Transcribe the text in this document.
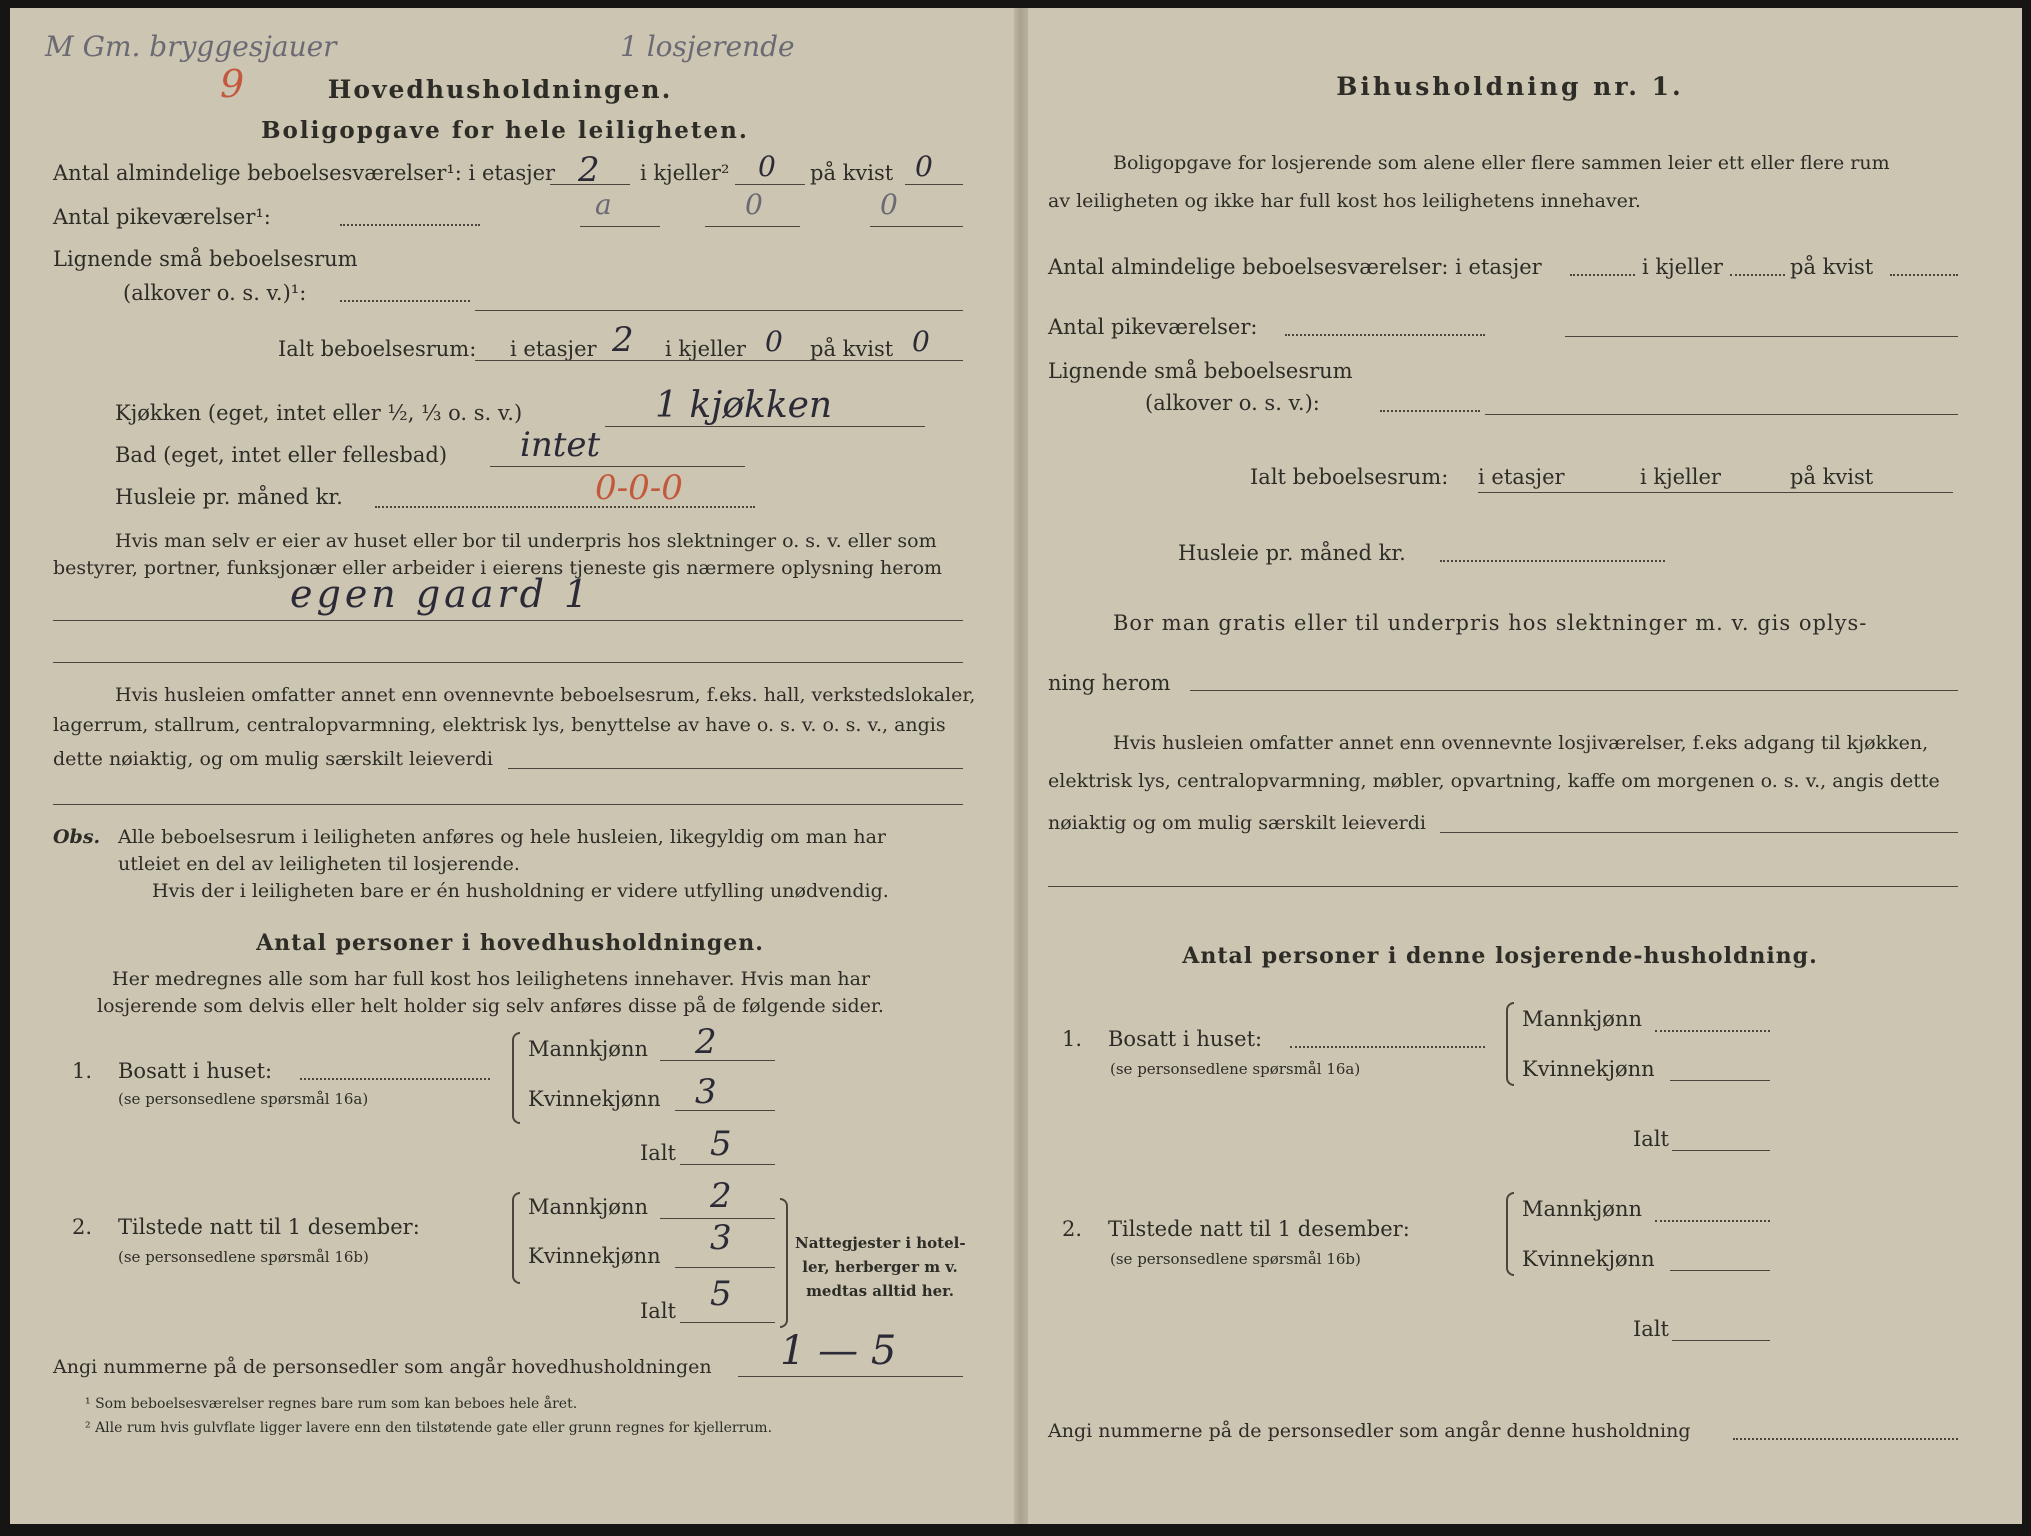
M Gm. bryggesjauer
9
1 losjerende
Hovedhusholdningen.
Boligopgave for hele leiligheten.
Antal almindelige beboelsesværelser¹: i etasjer 2 i kjeller² 0 på kvist 0
Antal pikeværelser¹:	a	0	0
Lignende små beboelsesrum
(alkover o. s. v.)¹:
Ialt beboelsesrum: i etasjer 2 i kjeller 0 på kvist 0
Kjøkken (eget, intet eller ½, ⅓ o. s. v.)	1 kjøkken
Bad (eget, intet eller fellesbad) intet
Husleie pr. måned kr.	0-0-0
Hvis man selv er eier av huset eller bor til underpris hos slektninger o. s. v. eller som
bestyrer, portner, funksjonær eller arbeider i eierens tjeneste gis nærmere oplysning herom
egen gaard 1
Hvis husleien omfatter annet enn ovennevnte beboelsesrum, f.eks. hall, verkstedslokaler,
lagerrum, stallrum, centralopvarmning, elektrisk lys, benyttelse av have o. s. v. o. s. v., angis
dette nøiaktig, og om mulig særskilt leieverdi
Obs. Alle beboelsesrum i leiligheten anføres og hele husleien, likegyldig om man har
utleiet en del av leiligheten til losjerende.
Hvis der i leiligheten bare er én husholdning er videre utfylling unødvendig.
Antal personer i hovedhusholdningen.
Her medregnes alle som har full kost hos leilighetens innehaver. Hvis man har
losjerende som delvis eller helt holder sig selv anføres disse på de følgende sider.
1. Bosatt i huset:
(se personsedlene spørsmål 16a)
Mannkjønn 2
Kvinnekjønn 3
Ialt 5
2. Tilstede natt til 1 desember:
(se personsedlene spørsmål 16b)
Mannkjønn 2
Kvinnekjønn 3
Ialt 5
Nattegjester i hotel-
ler, herberger m v.
medtas alltid her.
Angi nummerne på de personsedler som angår hovedhusholdningen 1 — 5
¹ Som beboelsesværelser regnes bare rum som kan beboes hele året.
² Alle rum hvis gulvflate ligger lavere enn den tilstøtende gate eller grunn regnes for kjellerrum.
Bihusholdning nr. 1.
Boligopgave for losjerende som alene eller flere sammen leier ett eller flere rum
av leiligheten og ikke har full kost hos leilighetens innehaver.
Antal almindelige beboelsesværelser: i etasjer	i kjeller	på kvist
Antal pikeværelser:
Lignende små beboelsesrum
(alkover o. s. v.):
Ialt beboelsesrum: i etasjer	i kjeller	på kvist
Husleie pr. måned kr.
Bor man gratis eller til underpris hos slektninger m. v. gis oplys-
ning herom
Hvis husleien omfatter annet enn ovennevnte losjiværelser, f.eks adgang til kjøkken,
elektrisk lys, centralopvarmning, møbler, opvartning, kaffe om morgenen o. s. v., angis dette
nøiaktig og om mulig særskilt leieverdi
Antal personer i denne losjerende-husholdning.
1. Bosatt i huset:
(se personsedlene spørsmål 16a)
Mannkjønn
Kvinnekjønn
Ialt
2. Tilstede natt til 1 desember:
(se personsedlene spørsmål 16b)
Mannkjønn
Kvinnekjønn
Ialt
Angi nummerne på de personsedler som angår denne husholdning
